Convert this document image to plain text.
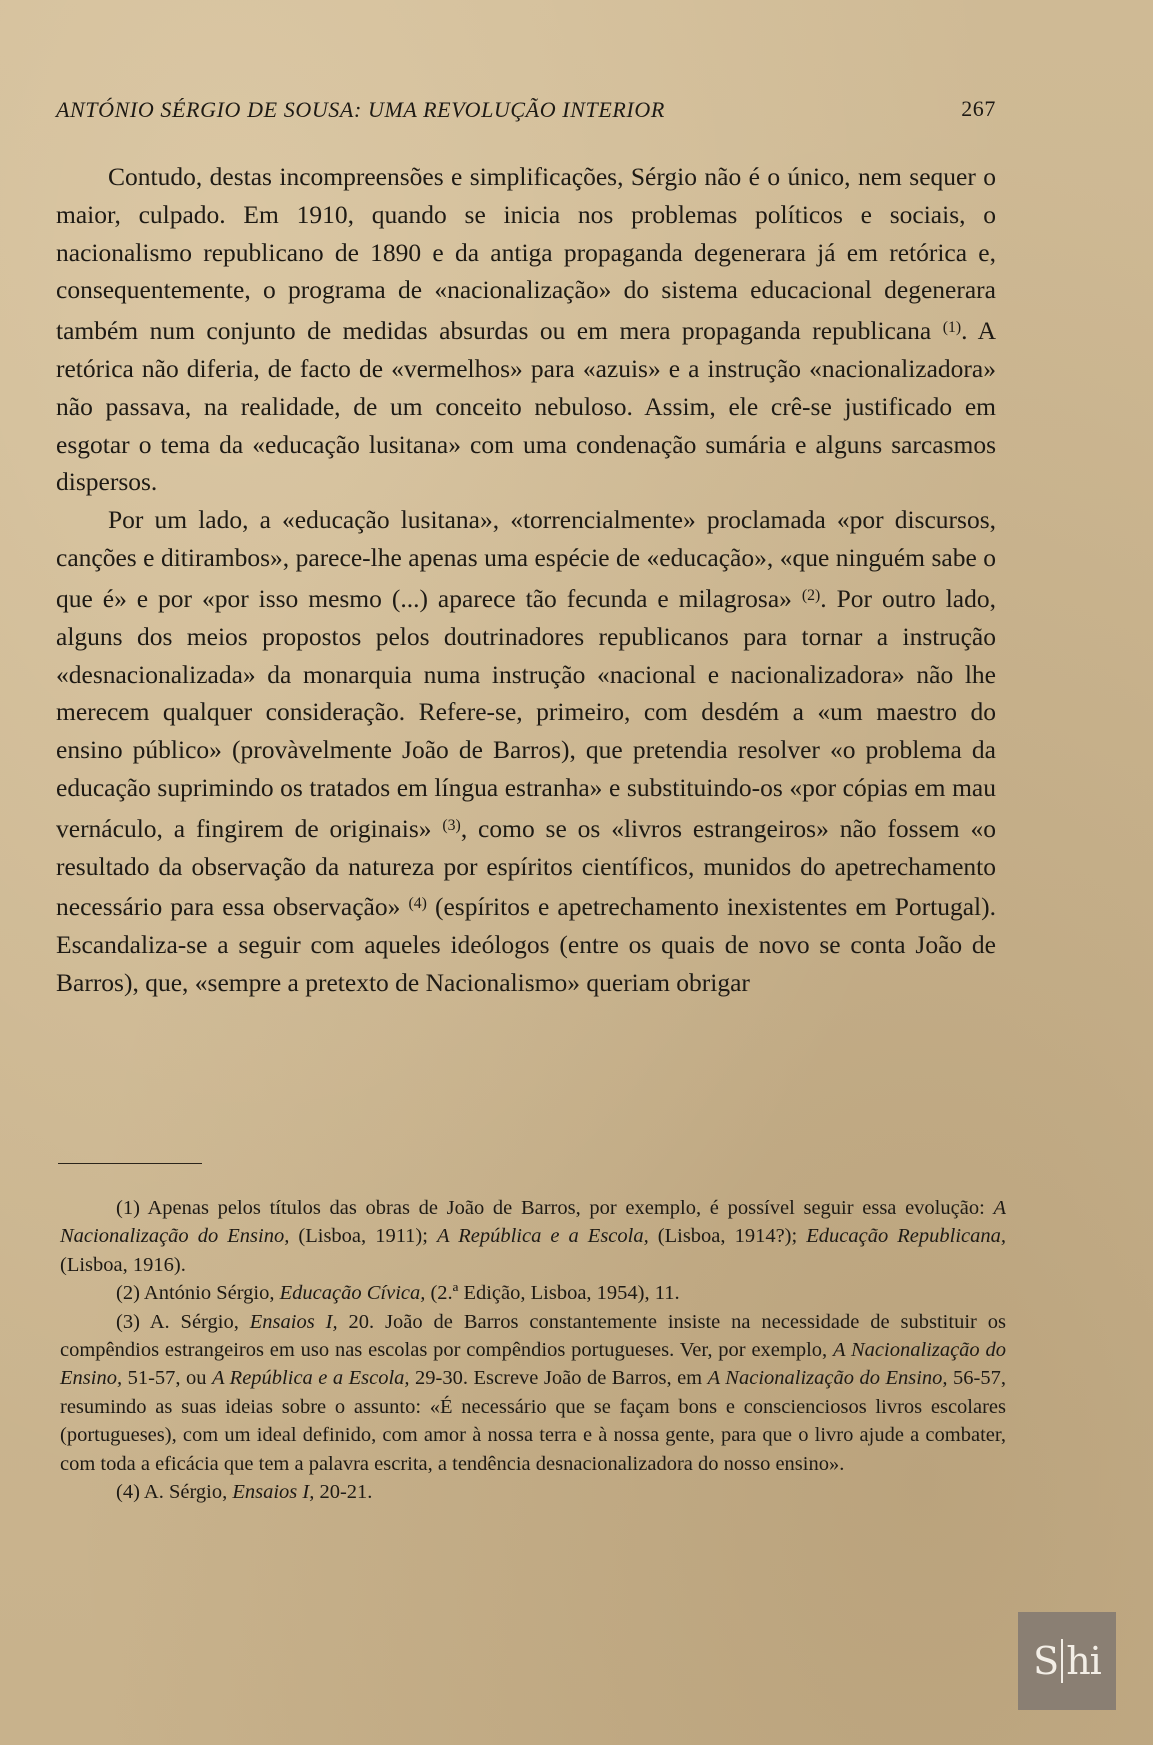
ANTÓNIO SÉRGIO DE SOUSA: UMA REVOLUÇÃO INTERIOR	267

Contudo, destas incompreensões e simplificações, Sérgio não é o único, nem sequer o maior, culpado. Em 1910, quando se inicia nos problemas políticos e sociais, o nacionalismo republicano de 1890 e da antiga propaganda degenerara já em retórica e, consequentemente, o programa de «nacionalização» do sistema educacional degenerara também num conjunto de medidas absurdas ou em mera propaganda republicana $^{(1)}$. A retórica não diferia, de facto de «vermelhos» para «azuis» e a instrução «nacionalizadora» não passava, na realidade, de um conceito nebuloso. Assim, ele crê-se justificado em esgotar o tema da «educação lusitana» com uma condenação sumária e alguns sarcasmos dispersos.

Por um lado, a «educação lusitana», «torrencialmente» proclamada «por discursos, canções e ditirambos», parece-lhe apenas uma espécie de «educação», «que ninguém sabe o que é» e por «por isso mesmo (...) aparece tão fecunda e milagrosa» $^{(2)}$. Por outro lado, alguns dos meios propostos pelos doutrinadores republicanos para tornar a instrução «desnacionalizada» da monarquia numa instrução «nacional e nacionalizadora» não lhe merecem qualquer consideração. Refere-se, primeiro, com desdém a «um maestro do ensino público» (provàvelmente João de Barros), que pretendia resolver «o problema da educação suprimindo os tratados em língua estranha» e substituindo-os «por cópias em mau vernáculo, a fingirem de originais» $^{(3)}$, como se os «livros estrangeiros» não fossem «o resultado da observação da natureza por espíritos científicos, munidos do apetrechamento necessário para essa observação» $^{(4)}$ (espíritos e apetrechamento inexistentes em Portugal). Escandaliza-se a seguir com aqueles ideólogos (entre os quais de novo se conta João de Barros), que, «sempre a pretexto de Nacionalismo» queriam obrigar

(1) Apenas pelos títulos das obras de João de Barros, por exemplo, é possível seguir essa evolução: A Nacionalização do Ensino, (Lisboa, 1911); A República e a Escola, (Lisboa, 1914?); Educação Republicana, (Lisboa, 1916).

(2) António Sérgio, Educação Cívica, (2.ª Edição, Lisboa, 1954), 11.

(3) A. Sérgio, Ensaios I, 20. João de Barros constantemente insiste na necessidade de substituir os compêndios estrangeiros em uso nas escolas por compêndios portugueses. Ver, por exemplo, A Nacionalização do Ensino, 51-57, ou A República e a Escola, 29-30. Escreve João de Barros, em A Nacionalização do Ensino, 56-57, resumindo as suas ideias sobre o assunto: «É necessário que se façam bons e conscienciosos livros escolares (portugueses), com um ideal definido, com amor à nossa terra e à nossa gente, para que o livro ajude a combater, com toda a eficácia que tem a palavra escrita, a tendência desnacionalizadora do nosso ensino».

(4) A. Sérgio, Ensaios I, 20-21.

S hi
